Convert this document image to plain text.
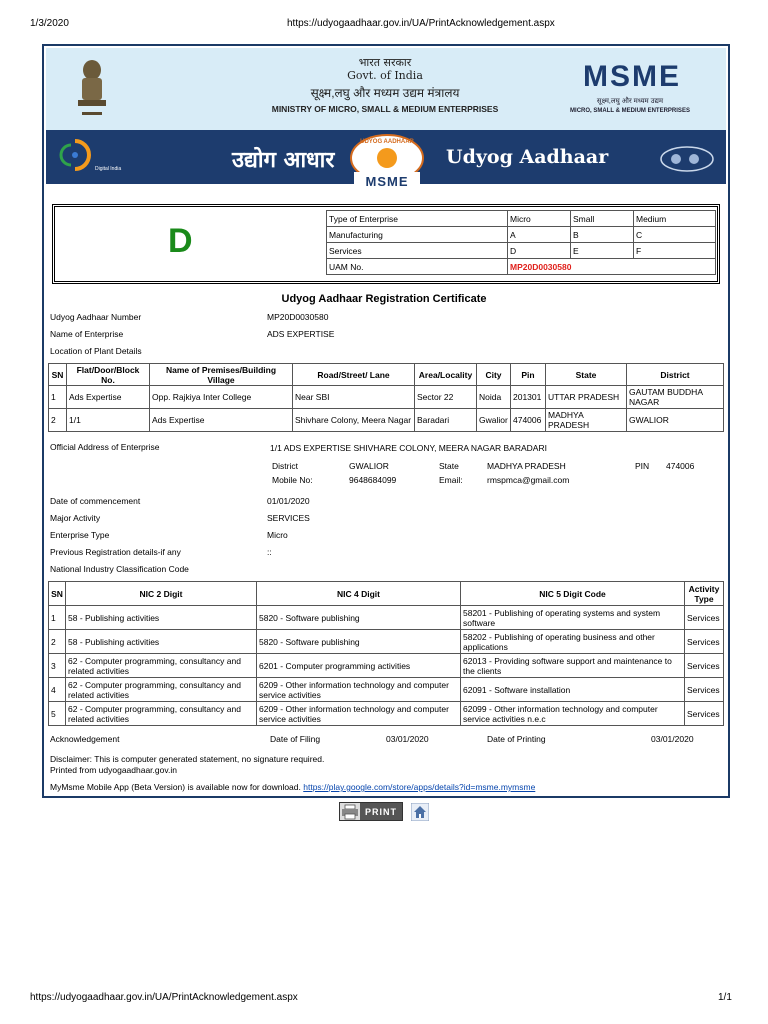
1/3/2020	https://udyogaadhaar.gov.in/UA/PrintAcknowledgement.aspx
https://udyogaadhaar.gov.in/UA/PrintAcknowledgement.aspx	1/1
भारत सरकार
Govt. of India
सूक्ष्म,लघु और मध्यम उद्यम मंत्रालय
MINISTRY OF MICRO, SMALL & MEDIUM ENTERPRISES
MSME
सूक्ष्म,लघु और मध्यम उद्यम
MICRO, SMALL & MEDIUM ENTERPRISES
Digital India	उद्योग आधार
UDYOG AADHAAR
MSME
Udyog Aadhaar
D
Type of Enterprise	Micro	Small	Medium
Manufacturing	A	B	C
Services	D	E	F
UAM No.	MP20D0030580		
Udyog Aadhaar Registration Certificate
Udyog Aadhaar Number	MP20D0030580
Name of Enterprise	ADS EXPERTISE
Location of Plant Details
SN	Flat/Door/Block No.	Name of Premises/Building Village	Road/Street/ Lane	Area/Locality	City	Pin	State	District
1	Ads Expertise	Opp. Rajkiya Inter College	Near SBI	Sector 22	Noida	201301	UTTAR PRADESH	GAUTAM BUDDHA NAGAR
2	1/1	Ads Expertise	Shivhare Colony, Meera Nagar	Baradari	Gwalior	474006	MADHYA PRADESH	GWALIOR
Official Address of Enterprise	1/1 ADS EXPERTISE SHIVHARE COLONY, MEERA NAGAR BARADARI
District	GWALIOR	State	MADHYA PRADESH	PIN 474006
Mobile No:	9648684099	Email:	rmspmca@gmail.com
Date of commencement	01/01/2020
Major Activity	SERVICES
Enterprise Type	Micro
Previous Registration details-if any	::
National Industry Classification Code
SN	NIC 2 Digit	NIC 4 Digit	NIC 5 Digit Code	Activity Type
1	58 - Publishing activities	5820 - Software publishing	58201 - Publishing of operating systems and system software	Services
2	58 - Publishing activities	5820 - Software publishing	58202 - Publishing of operating business and other applications	Services
3	62 - Computer programming, consultancy and related activities	6201 - Computer programming activities	62013 - Providing software support and maintenance to the clients	Services
4	62 - Computer programming, consultancy and related activities	6209 - Other information technology and computer service activities	62091 - Software installation	Services
5	62 - Computer programming, consultancy and related activities	6209 - Other information technology and computer service activities	62099 - Other information technology and computer service activities n.e.c	Services
Acknowledgement	Date of Filing	03/01/2020	Date of Printing	03/01/2020
Disclaimer: This is computer generated statement, no signature required.
Printed from udyogaadhaar.gov.in
MyMsme Mobile App (Beta Version) is available now for download. https://play.google.com/store/apps/details?id=msme.mymsme
PRINT
